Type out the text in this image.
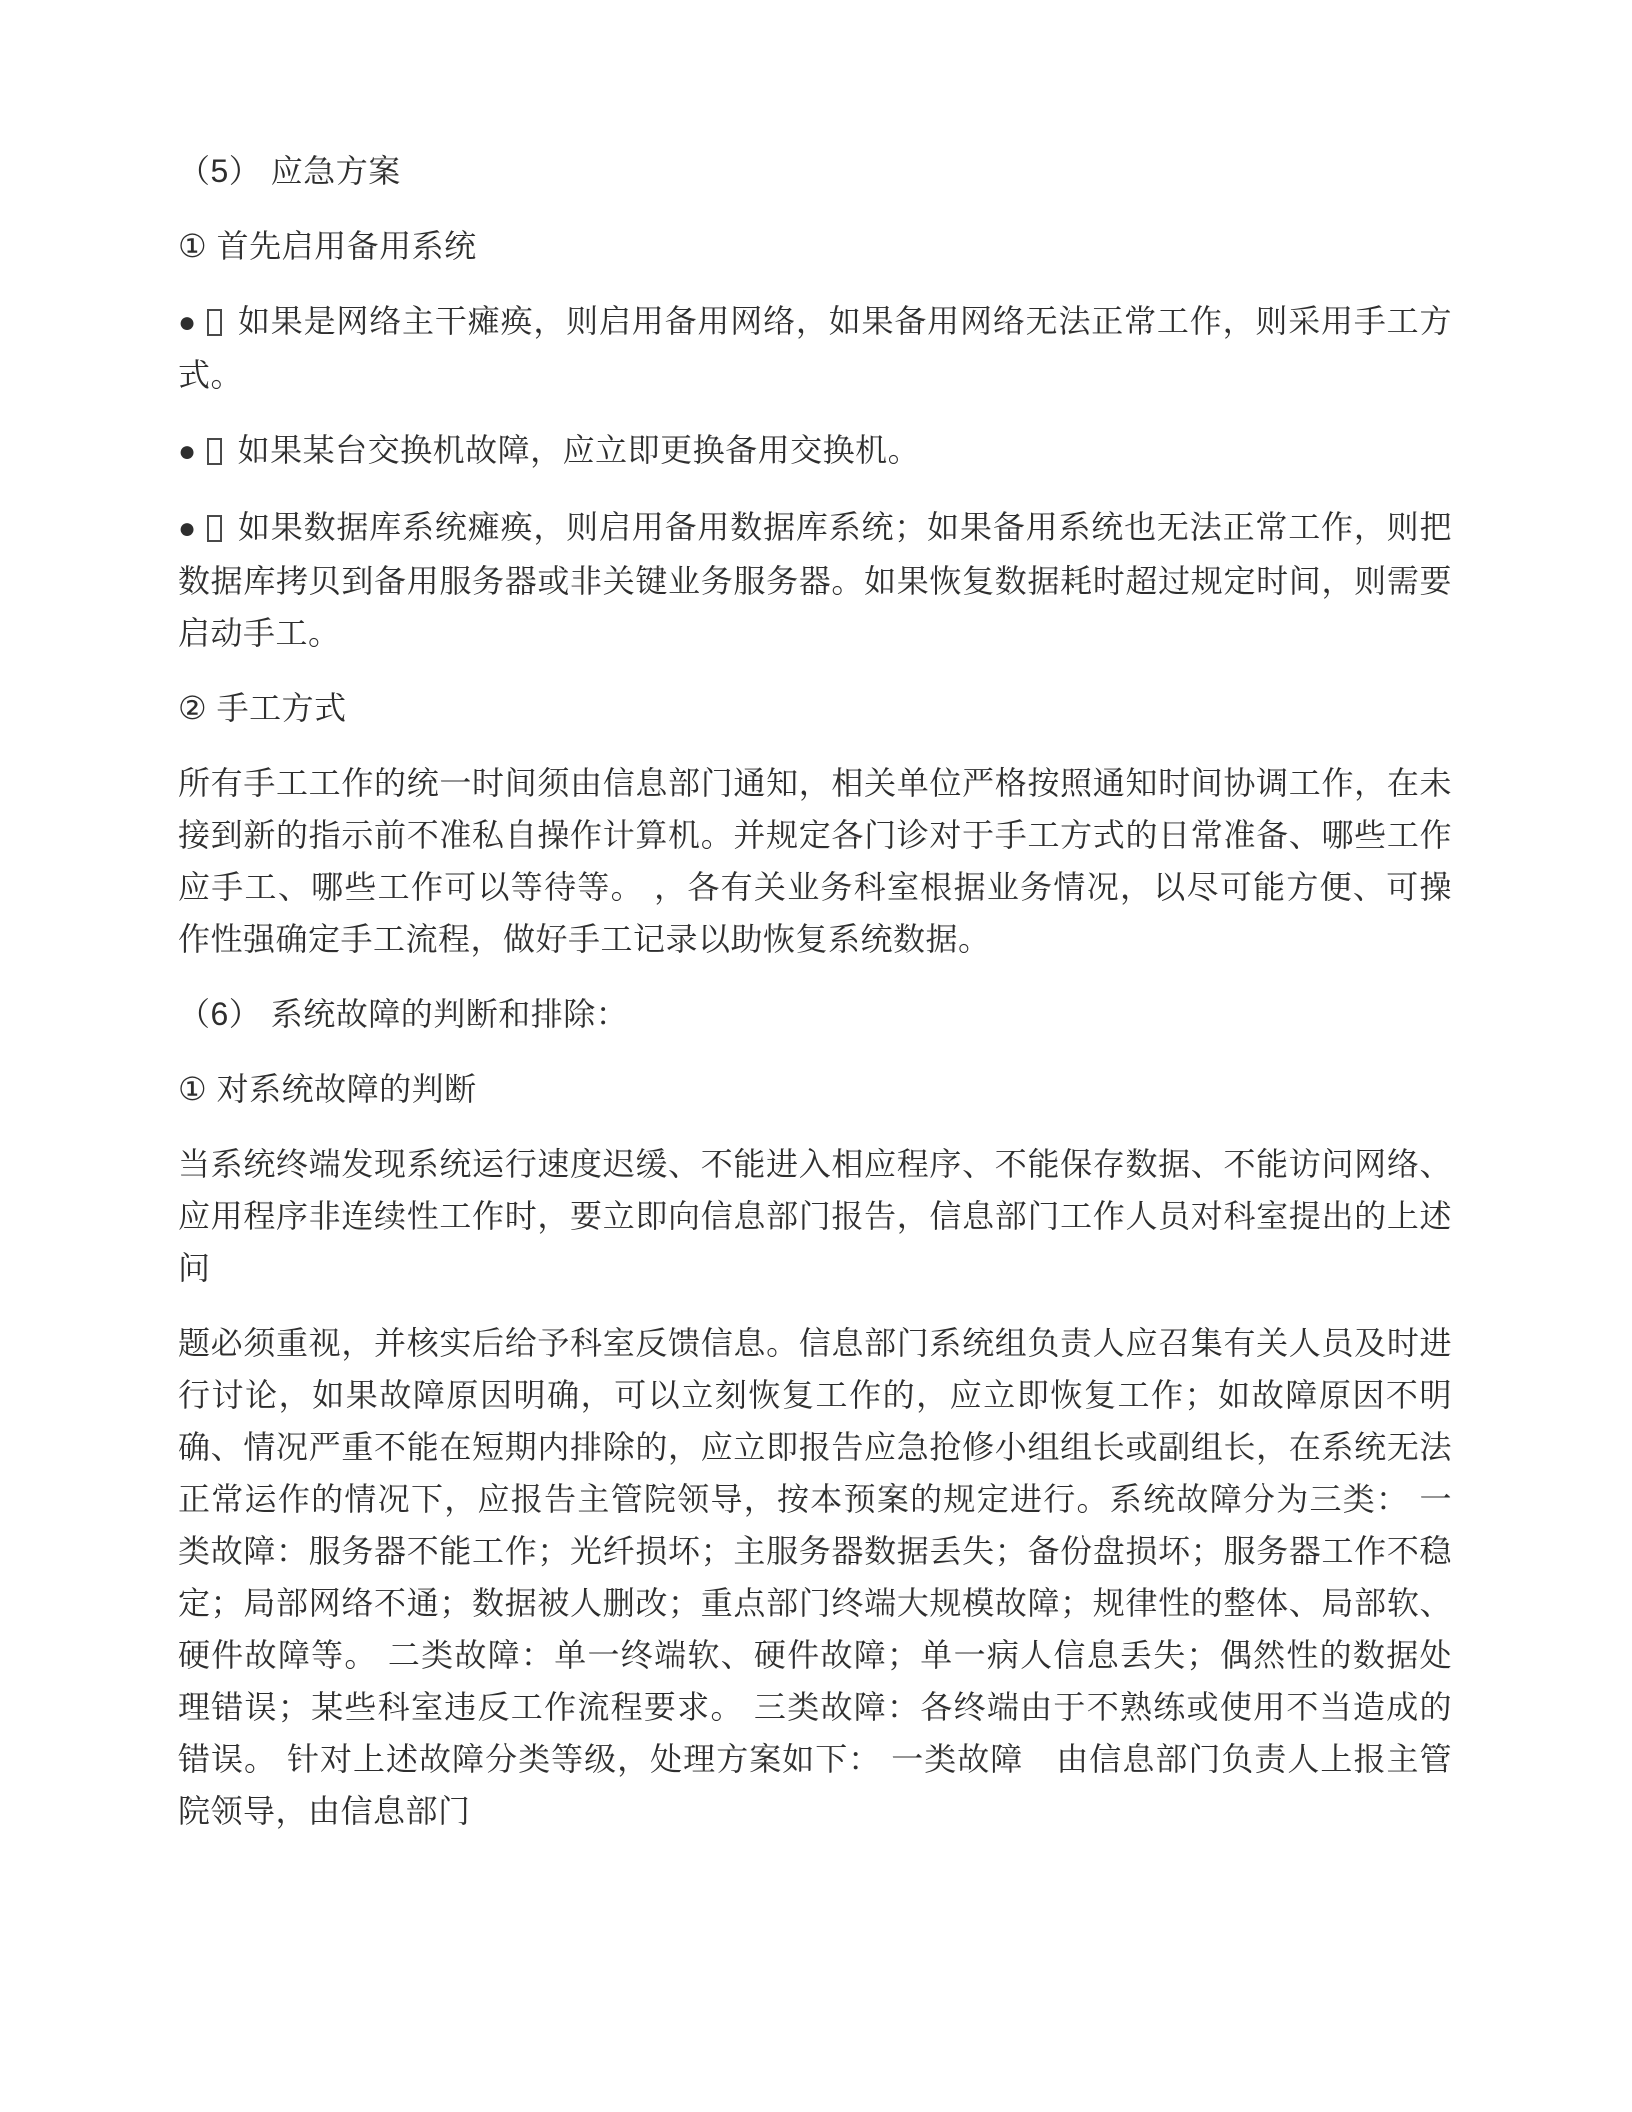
（5） 应急方案

① 首先启用备用系统

● 如果是网络主干瘫痪，则启用备用网络，如果备用网络无法正常工作，则采用手工方式。

● 如果某台交换机故障，应立即更换备用交换机。

● 如果数据库系统瘫痪，则启用备用数据库系统；如果备用系统也无法正常工作，则把数据库拷贝到备用服务器或非关键业务服务器。如果恢复数据耗时超过规定时间，则需要启动手工。

② 手工方式

所有手工工作的统一时间须由信息部门通知，相关单位严格按照通知时间协调工作，在未接到新的指示前不准私自操作计算机。并规定各门诊对于手工方式的日常准备、哪些工作应手工、哪些工作可以等待等。 ，各有关业务科室根据业务情况，以尽可能方便、可操作性强确定手工流程，做好手工记录以助恢复系统数据。

（6） 系统故障的判断和排除：

① 对系统故障的判断

当系统终端发现系统运行速度迟缓、不能进入相应程序、不能保存数据、不能访问网络、应用程序非连续性工作时，要立即向信息部门报告，信息部门工作人员对科室提出的上述问

题必须重视，并核实后给予科室反馈信息。信息部门系统组负责人应召集有关人员及时进行讨论，如果故障原因明确，可以立刻恢复工作的，应立即恢复工作；如故障原因不明确、情况严重不能在短期内排除的，应立即报告应急抢修小组组长或副组长，在系统无法正常运作的情况下，应报告主管院领导，按本预案的规定进行。系统故障分为三类： 一类故障：服务器不能工作；光纤损坏；主服务器数据丢失；备份盘损坏；服务器工作不稳定；局部网络不通；数据被人删改；重点部门终端大规模故障；规律性的整体、局部软、硬件故障等。 二类故障：单一终端软、硬件故障；单一病人信息丢失；偶然性的数据处理错误；某些科室违反工作流程要求。 三类故障：各终端由于不熟练或使用不当造成的错误。 针对上述故障分类等级，处理方案如下： 一类故障　由信息部门负责人上报主管院领导，由信息部门
